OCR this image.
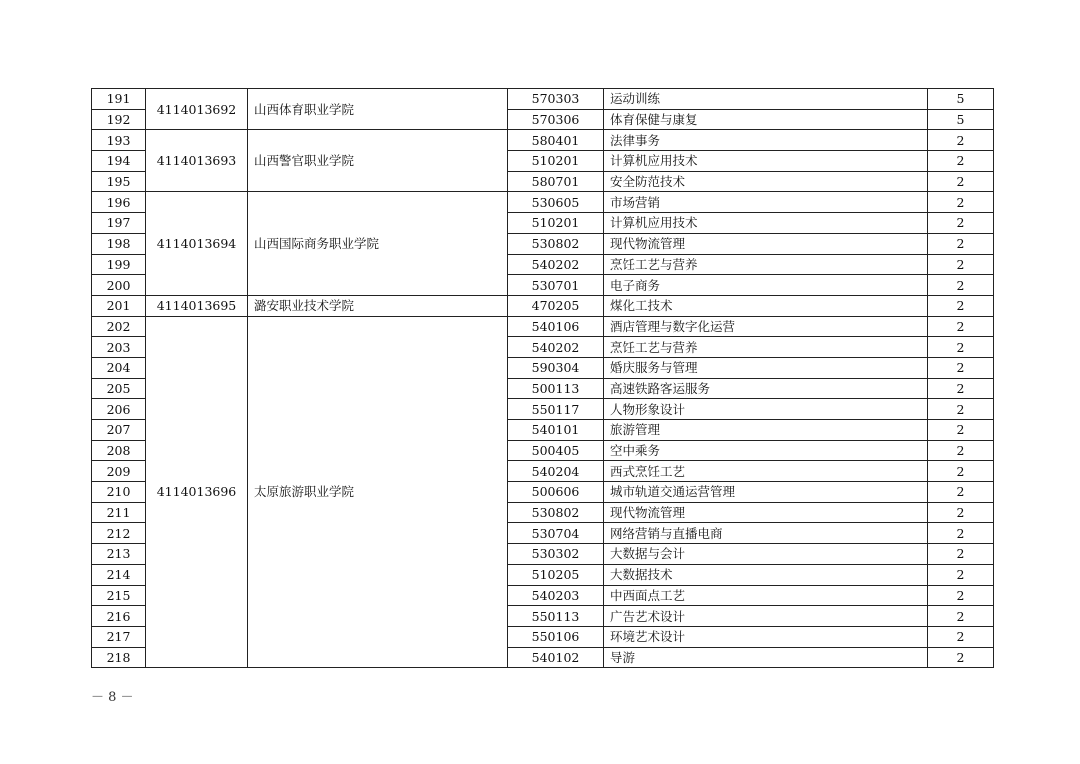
191	4114013692	山西体育职业学院	570303	运动训练	5
192			570306	体育保健与康复	5
193	4114013693	山西警官职业学院	580401	法律事务	2
194			510201	计算机应用技术	2
195			580701	安全防范技术	2
196	4114013694	山西国际商务职业学院	530605	市场营销	2
197			510201	计算机应用技术	2
198			530802	现代物流管理	2
199			540202	烹饪工艺与营养	2
200			530701	电子商务	2
201	4114013695	潞安职业技术学院	470205	煤化工技术	2
202	4114013696	太原旅游职业学院	540106	酒店管理与数字化运营	2
203			540202	烹饪工艺与营养	2
204			590304	婚庆服务与管理	2
205			500113	高速铁路客运服务	2
206			550117	人物形象设计	2
207			540101	旅游管理	2
208			500405	空中乘务	2
209			540204	西式烹饪工艺	2
210			500606	城市轨道交通运营管理	2
211			530802	现代物流管理	2
212			530704	网络营销与直播电商	2
213			530302	大数据与会计	2
214			510205	大数据技术	2
215			540203	中西面点工艺	2
216			550113	广告艺术设计	2
217			550106	环境艺术设计	2
218			540102	导游	2
－ 8 －
